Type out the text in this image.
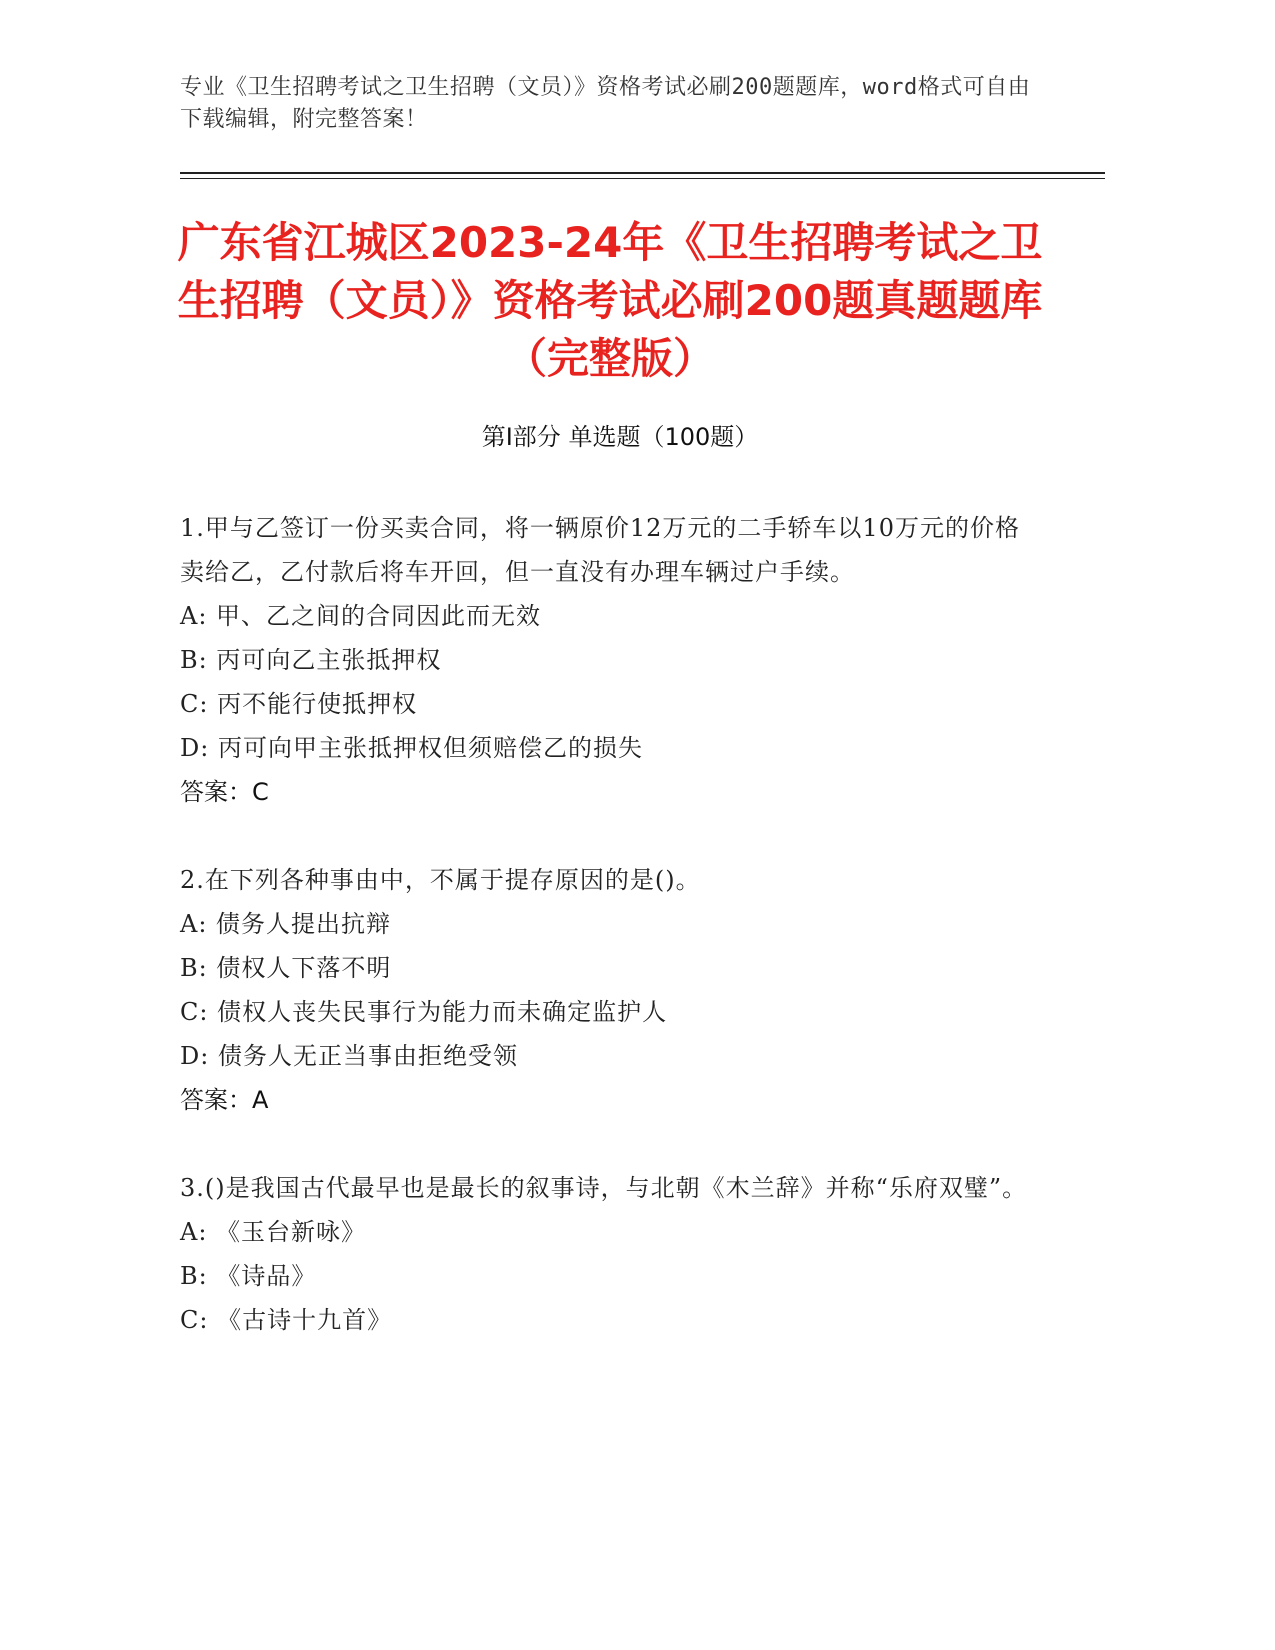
专业《卫生招聘考试之卫生招聘（文员）》资格考试必刷200题题库，word格式可自由下载编辑，附完整答案！
广东省江城区2023-24年《卫生招聘考试之卫生招聘（文员）》资格考试必刷200题真题题库（完整版）
第Ⅰ部分 单选题（100题）
1.甲与乙签订一份买卖合同，将一辆原价12万元的二手轿车以10万元的价格卖给乙，乙付款后将车开回，但一直没有办理车辆过户手续。
A: 甲、乙之间的合同因此而无效
B: 丙可向乙主张抵押权
C: 丙不能行使抵押权
D: 丙可向甲主张抵押权但须赔偿乙的损失
答案：C
2.在下列各种事由中，不属于提存原因的是()。
A: 债务人提出抗辩
B: 债权人下落不明
C: 债权人丧失民事行为能力而未确定监护人
D: 债务人无正当事由拒绝受领
答案：A
3.()是我国古代最早也是最长的叙事诗，与北朝《木兰辞》并称“乐府双璧”。
A: 《玉台新咏》
B: 《诗品》
C: 《古诗十九首》
